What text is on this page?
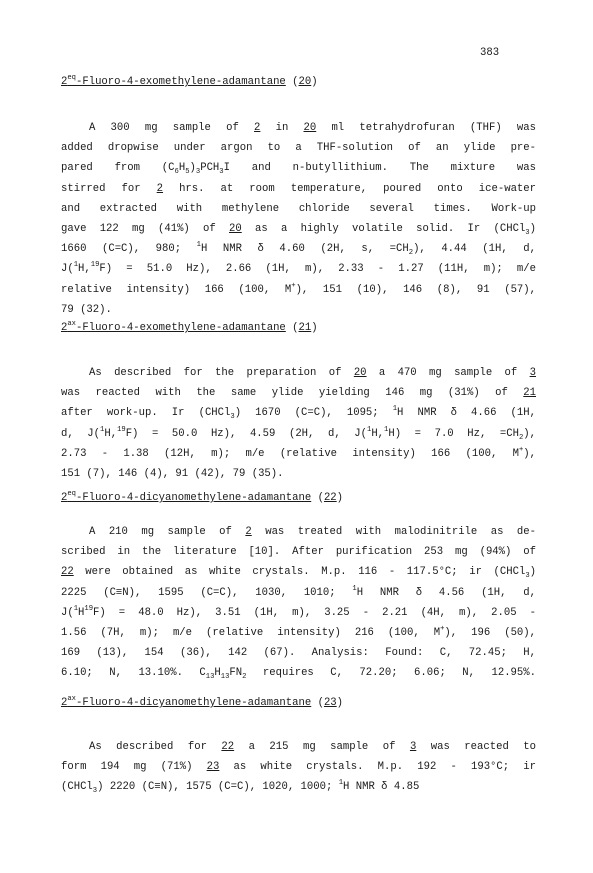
383
$2^{eq}-Fluoro-4-exomethylene$-adamantane (20)
A 300 mg sample of 2 in 20 ml tetrahydrofuran (THF) was
added dropwise under argon to a THF-solution of an ylide pre-
pared from $(C_6H_5)_3PCH_3I$ and n-butyllithium. The mixture was
stirred for 2 hrs. at room temperature, poured onto ice-water
and extracted with methylene chloride several times. Work-up
gave 122 mg (41%) of 20 as a highly volatile solid. Ir (CHCl$_3$)
1660 (C=C), 980; $^1$H NMR δ 4.60 (2H, s, $=CH_2$), 4.44 (1H, d,
J($^1$H,$^{19}$F) = 51.0 Hz), 2.66 (1H, m), 2.33 - 1.27 (11H, m); m/e
relative intensity) 166 (100, M+), 151 (10), 146 (8), 91 (57),
79 (32).
$2^{ax}-Fluoro-4-exomethylene$-adamantane (21)
As described for the preparation of 20 a 470 mg sample of 3
was reacted with the same ylide yielding 146 mg (31%) of 21
after work-up. Ir (CHCl$_3$) 1670 (C=C), 1095; $^1$H NMR δ 4.66 (1H,
d, J($^1$H,$^{19}$F) = 50.0 Hz), 4.59 (2H, d, J($^1$H,$^1$H) = 7.0 Hz, $=CH_2$),
2.73 - 1.38 (12H, m); m/e (relative intensity) 166 (100, M+),
151 (7), 146 (4), 91 (42), 79 (35).
$2^{eq}-Fluoro-4-dicyanomethylene$-adamantane (22)
A 210 mg sample of 2 was treated with malodinitrile as de-
scribed in the literature [10]. After purification 253 mg (94%) of
22 were obtained as white crystals. M.p. 116 - 117.5°C; ir (CHCl$_3$)
2225 (C≡N), 1595 (C=C), 1030, 1010; $^1$H NMR δ 4.56 (1H, d,
$J(^1H^{19}F) = 48.0$ Hz), 3.51 (1H, m), 3.25 - 2.21 (4H, m), 2.05 -
1.56 (7H, m); m/e (relative intensity) 216 (100, M+), 196 (50),
169 (13), 154 (36), 142 (67). Analysis: Found: C, 72.45; H,
6.10; N, 13.10%. $C_{13}H_{13}FN_2$ requires C, 72.20; 6.06; N, 12.95%.
$2^{ax}-Fluoro-4-dicyanomethylene$-adamantane (23)
As described for 22 a 215 mg sample of 3 was reacted to
form 194 mg (71%) 23 as white crystals. M.p. 192 - 193°C; ir
(CHCl$_3$) 2220 (C≡N), 1575 (C=C), 1020, 1000; $^1$H NMR δ 4.85
